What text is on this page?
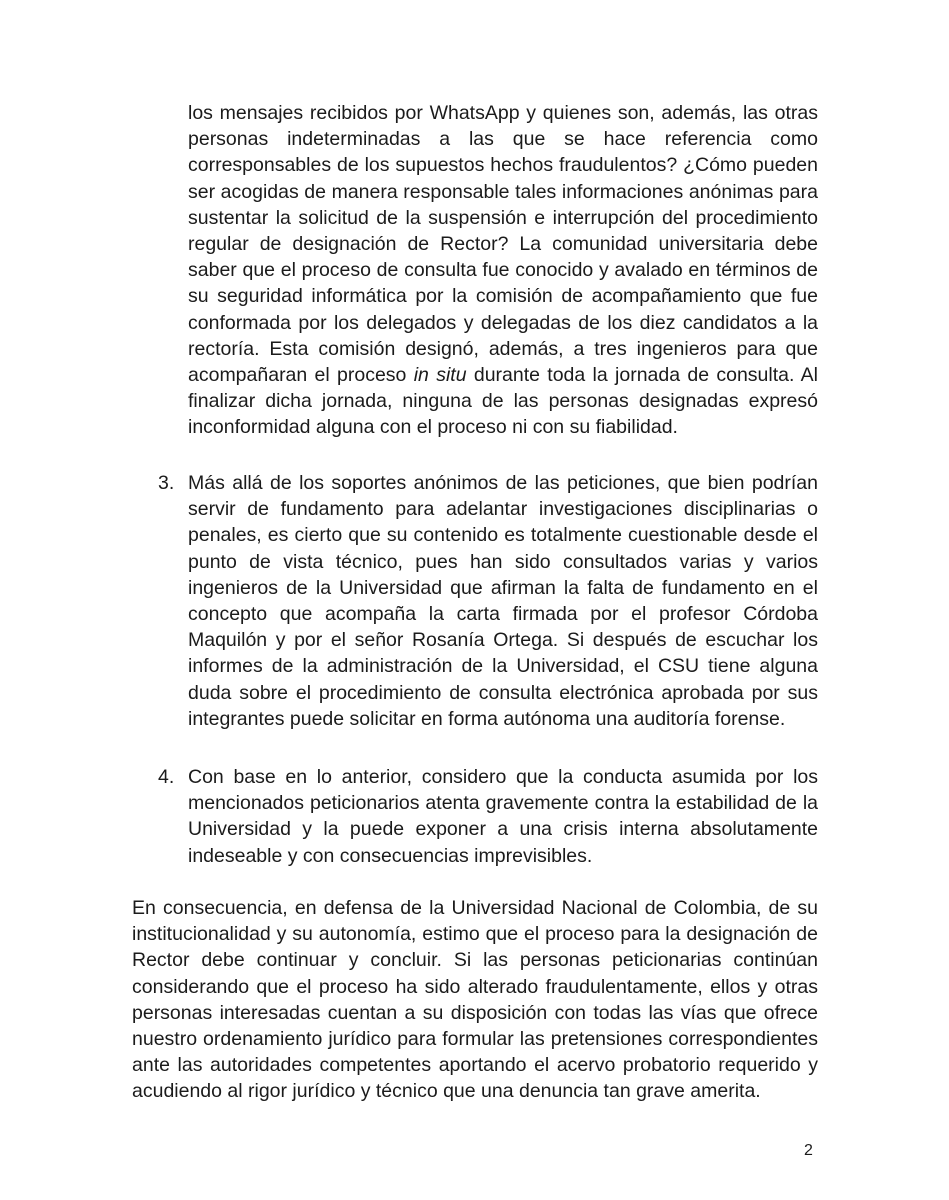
los mensajes recibidos por WhatsApp y quienes son, además, las otras personas indeterminadas a las que se hace referencia como corresponsables de los supuestos hechos fraudulentos? ¿Cómo pueden ser acogidas de manera responsable tales informaciones anónimas para sustentar la solicitud de la suspensión e interrupción del procedimiento regular de designación de Rector? La comunidad universitaria debe saber que el proceso de consulta fue conocido y avalado en términos de su seguridad informática por la comisión de acompañamiento que fue conformada por los delegados y delegadas de los diez candidatos a la rectoría. Esta comisión designó, además, a tres ingenieros para que acompañaran el proceso in situ durante toda la jornada de consulta. Al finalizar dicha jornada, ninguna de las personas designadas expresó inconformidad alguna con el proceso ni con su fiabilidad.

3. Más allá de los soportes anónimos de las peticiones, que bien podrían servir de fundamento para adelantar investigaciones disciplinarias o penales, es cierto que su contenido es totalmente cuestionable desde el punto de vista técnico, pues han sido consultados varias y varios ingenieros de la Universidad que afirman la falta de fundamento en el concepto que acompaña la carta firmada por el profesor Córdoba Maquilón y por el señor Rosanía Ortega. Si después de escuchar los informes de la administración de la Universidad, el CSU tiene alguna duda sobre el procedimiento de consulta electrónica aprobada por sus integrantes puede solicitar en forma autónoma una auditoría forense.

4. Con base en lo anterior, considero que la conducta asumida por los mencionados peticionarios atenta gravemente contra la estabilidad de la Universidad y la puede exponer a una crisis interna absolutamente indeseable y con consecuencias imprevisibles.

En consecuencia, en defensa de la Universidad Nacional de Colombia, de su institucionalidad y su autonomía, estimo que el proceso para la designación de Rector debe continuar y concluir. Si las personas peticionarias continúan considerando que el proceso ha sido alterado fraudulentamente, ellos y otras personas interesadas cuentan a su disposición con todas las vías que ofrece nuestro ordenamiento jurídico para formular las pretensiones correspondientes ante las autoridades competentes aportando el acervo probatorio requerido y acudiendo al rigor jurídico y técnico que una denuncia tan grave amerita.

2
